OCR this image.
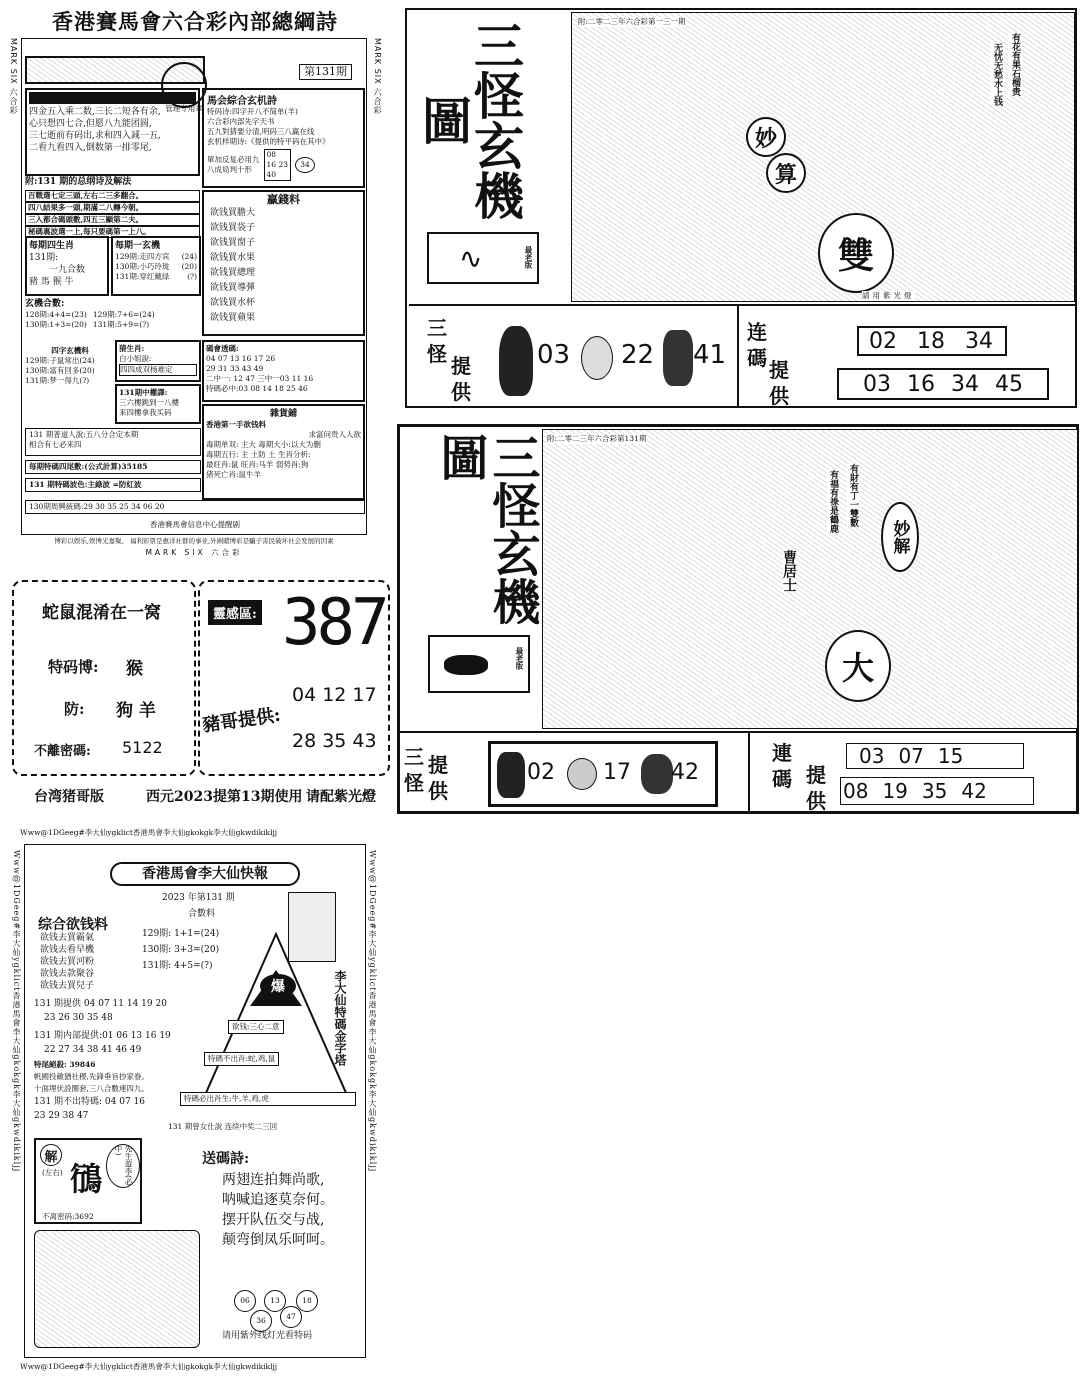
香港賽馬會六合彩內部總綱詩
MARK SIX 六合彩	MARK SIX 六合彩
第131期
管理专用章
四金五入乘二数,三长二短各有余,
心只想四七合,但愿八九能团圆,
三七逝前有码出,求和四入减一五,
二看九看四入,倒数第一排零尾,
馬会綜合玄机詩
特码诗:四字开八不简单(羊)
六合彩内部先字天书
五九對猜要分清,明码三八赢在线
玄机样期诗:《提供的特平码在其中》
單加反复必用九
八成局判十形
08
16 23
40
34
附:131 期的总纲诗及解法
百戰選七定三頭,左右二三多翻合。
四八結果多一頭,期滿二八轉今朝。
三入都合碼頭數,四五三顯第二夫。
秘碼裏波選一上,每只要碼第一上八。
每期四生肖
131期:
一九合数
豬 馬 猴 牛
每期一玄機
129期:走四方宾 (24)
130期:小巧玲珑 (20)
131期:穿红戴绿 (?)
贏錢料
欲钱買膽大
欲钱買袋子
欲钱買窗子
欲钱買水果
欲钱買總理
欲钱買導彈
欲钱買水杯
欲钱買蘋果
玄機合數:
128期:4+4=(23) 129期:7+6=(24)
130期:1+3=(20) 131期:5+9=(?)
四字玄機料
129期:子鼠常出(24)
130期:富有回多(20)
131期:梦一得九(?)
猜生肖:
白小姐說:
四四成双杨难定
131期中權譯:
三六樓跳到一八樓
来四樓拿我买码
碼會透碼:
04 07 13 16 17 26
29 31 33 43 49
二中一: 12 47 三中一03 11 16
特碼必中:03 08 14 18 25 46
雜貨鋪
香港第一手欲钱料
求富问贵人人欲
毒期单双: 主大 毒期大小:以大为删
毒期五行: 主 土防 土 生肖分析:
最旺肖:鼠 旺肖:马羊 弱势肖:狗
猪死亡肖:鼠牛羊
131 期普道人說:五八分合定本期
相合有七必来四
每期特碼四尾數:(公式計算)35185
131 期特碼波色:主綠波 =防紅波
130期周興統碼:29 30 35 25 34 06 20
香港賽馬會信息中心提醒剧
博彩以娱乐,娱博光嘉聚。 福利彩票是惠洋社群的事业,外圍賭博彩是騙子害民破坏社会发展的因素
MARK SIX 六合彩
三怪玄機圖
∿	最老版
附:二零二三年六合彩第一三一期
有花有果石榴贵
无忧无愁水上钱
妙
算
雙
請用紫光燈
三
怪 提
供
03 22 41
连
碼 提
供
02 18 34
03 16 34 45
蛇鼠混淆在一窝
特码博: 猴
防: 狗 羊
不離密碼: 5122
靈感區: 387
豬哥提供:
04 12 17
28 35 43
台湾猪哥版	西元2023提第13期使用 请配紫光燈
三怪玄機圖
最老版
附:二零二三年六合彩第131期
有財有丁一雙數
有福有祿是鶴鹿
妙解
曹居士
大
三
怪
提
供
02 17 42
連
碼 提
供
03 07 15
08 19 35 42
Www@1DGeeg#李大仙ygklict香港馬會李大仙gkokgk李大仙gkwdikikljj
Www@1DGeeg#李大仙ygklict香港馬會李大仙gkokgk李大仙gkwdikikljj	Www@1DGeeg#李大仙ygklict香港馬會李大仙gkokgk李大仙gkwdikikljj
香港馬會李大仙快報
2023 年第131 期
合數料
综合欲钱料
欲钱去買霸氣
欲钱去看早機
欲钱去買河粉
欲钱去款聚谷
欲钱去買兒子
129期: 1+1=(24)
130期: 3+3=(20)
131期: 4+5=(?)
爆
欲钱:三心二意
特碼不出肖:蛇,鸡,鼠
特碼必出肖生:牛,羊,鸡,虎
李大仙特碼金字塔
131 期提供 04 07 11 14 19 20
23 26 30 35 48
131 期内部提供:01 06 13 16 19
22 27 34 38 41 46 49
特尾絕殺: 39846
帆國投敵猶社稷,先鋒垂旨抄家眷。
十面埋伏設圈套,三八合數連四九。
131 期不出特碼: 04 07 16
23 29 38 47
131 期曾女仕說 连续中奖二三回
解
(左右) 鴴	先生遊李(必中)
不离密码:3692
送碼詩:
两翅连拍舞尚歌,
呐喊追逐莫奈何。
摆开队伍交与战,
颠弯倒凤乐呵呵。
06	13	18
36	47
请用紫外线灯光看特码
Www@1DGeeg#李大仙ygklict香港馬會李大仙gkokgk李大仙gkwdikikljj
